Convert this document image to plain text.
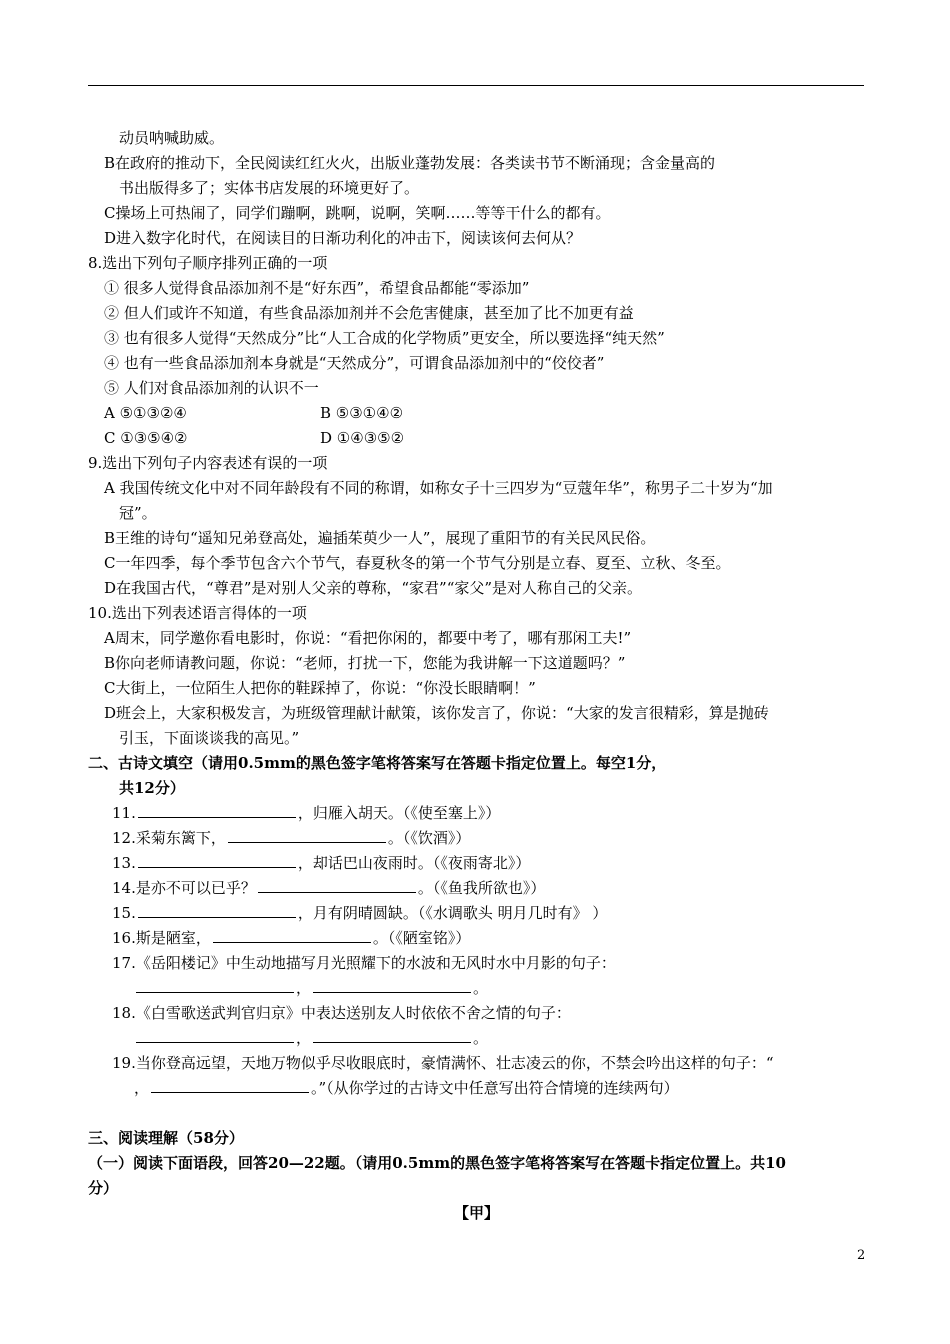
动员呐喊助威。
B在政府的推动下，全民阅读红红火火，出版业蓬勃发展：各类读书节不断涌现；含金量高的
书出版得多了；实体书店发展的环境更好了。
C操场上可热闹了，同学们蹦啊，跳啊，说啊，笑啊……等等干什么的都有。
D进入数字化时代，在阅读目的日渐功利化的冲击下，阅读该何去何从？
8.选出下列句子顺序排列正确的一项
① 很多人觉得食品添加剂不是“好东西”，希望食品都能“零添加”
② 但人们或许不知道，有些食品添加剂并不会危害健康，甚至加了比不加更有益
③ 也有很多人觉得“天然成分”比“人工合成的化学物质”更安全，所以要选择“纯天然”
④ 也有一些食品添加剂本身就是“天然成分”，可谓食品添加剂中的“佼佼者”
⑤ 人们对食品添加剂的认识不一
A ⑤①③②④	B ⑤③①④②
C ①③⑤④②	D ①④③⑤②
9.选出下列句子内容表述有误的一项
A 我国传统文化中对不同年龄段有不同的称谓，如称女子十三四岁为“豆蔻年华”，称男子二十岁为“加
冠”。
B王维的诗句“遥知兄弟登高处，遍插茱萸少一人”，展现了重阳节的有关民风民俗。
C一年四季，每个季节包含六个节气，春夏秋冬的第一个节气分别是立春、夏至、立秋、冬至。
D在我国古代，“尊君”是对别人父亲的尊称，“家君”“家父”是对人称自己的父亲。
10.选出下列表述语言得体的一项
A周末，同学邀你看电影时，你说：“看把你闲的，都要中考了，哪有那闲工夫!”
B你向老师请教问题，你说：“老师，打扰一下，您能为我讲解一下这道题吗？”
C大街上，一位陌生人把你的鞋踩掉了，你说：“你没长眼睛啊！”
D班会上，大家积极发言，为班级管理献计献策，该你发言了，你说：“大家的发言很精彩，算是抛砖
引玉，下面谈谈我的高见。”
二、古诗文填空（请用0.5mm的黑色签字笔将答案写在答题卡指定位置上。每空1分，
共12分）
11.	，归雁入胡天。（《使至塞上》）
12.采菊东篱下，	。（《饮酒》）
13.	，却话巴山夜雨时。（《夜雨寄北》）
14.是亦不可以已乎？	。（《鱼我所欲也》）
15.	，月有阴晴圆缺。（《水调歌头 明月几时有》 ）
16.斯是陋室，	。（《陋室铭》）
17.《岳阳楼记》中生动地描写月光照耀下的水波和无风时水中月影的句子：
，	。
18.《白雪歌送武判官归京》中表达送别友人时依依不舍之情的句子：
，	。
19.当你登高远望，天地万物似乎尽收眼底时，豪情满怀、壮志凌云的你，不禁会吟出这样的句子：“
，	。”（从你学过的古诗文中任意写出符合情境的连续两句）
三、阅读理解（58分）
（一）阅读下面语段，回答20—22题。（请用0.5mm的黑色签字笔将答案写在答题卡指定位置上。共10
分）
【甲】
2
